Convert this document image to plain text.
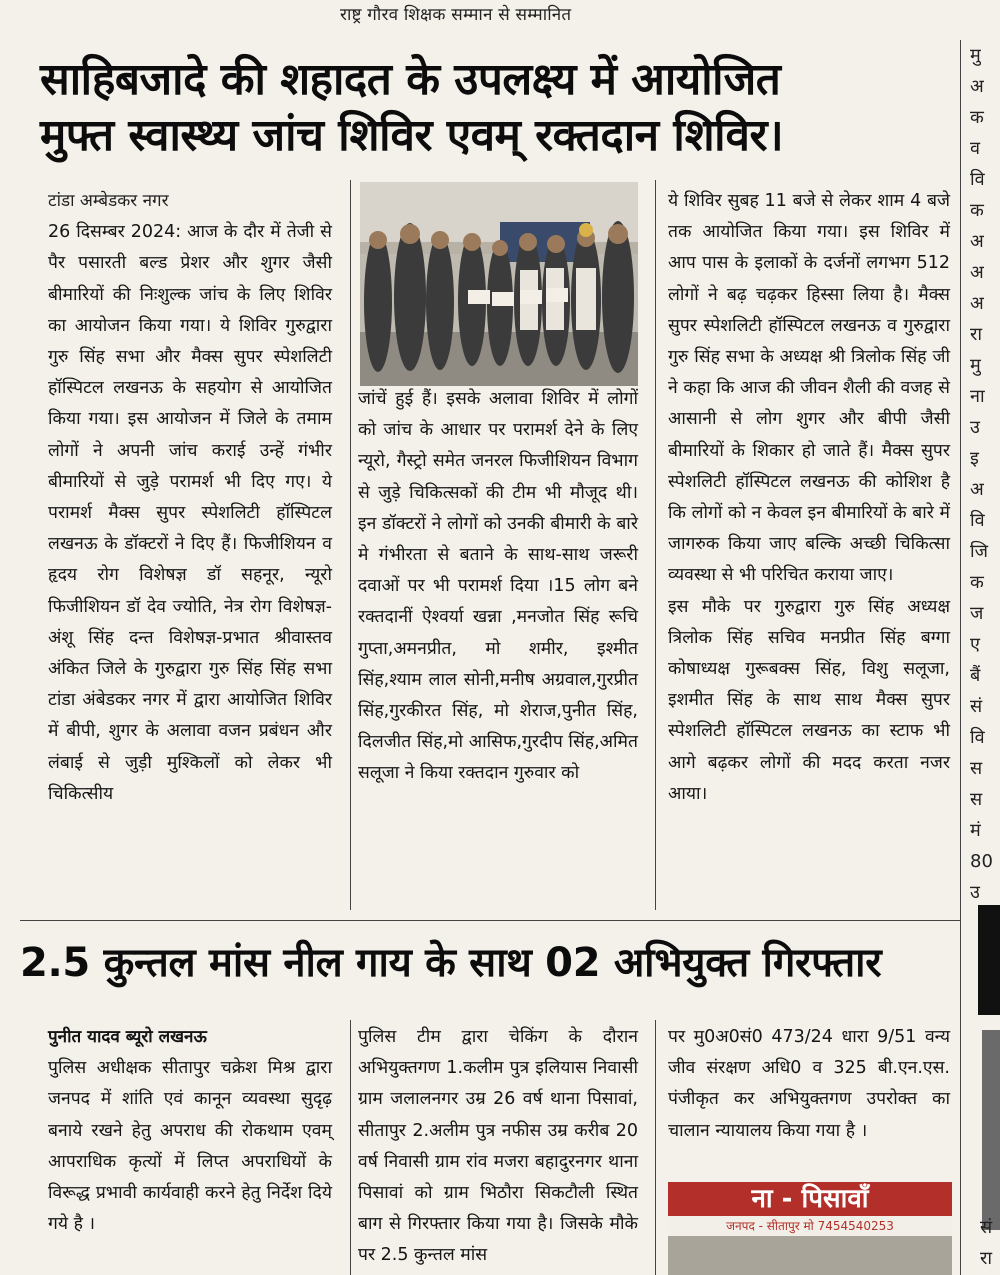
राष्ट्र गौरव शिक्षक सम्मान से सम्मानित
साहिबजादे की शहादत के उपलक्ष्य में आयोजित
मुफ्त स्वास्थ्य जांच शिविर एवम् रक्तदान शिविर।
टांडा अम्बेडकर नगर

26 दिसम्बर 2024: आज के दौर में तेजी से पैर पसारती बल्ड प्रेशर और शुगर जैसी बीमारियों की निःशुल्क जांच के लिए शिविर का आयोजन किया गया। ये शिविर गुरुद्वारा गुरु सिंह सभा और मैक्स सुपर स्पेशलिटी हॉस्पिटल लखनऊ के सहयोग से आयोजित किया गया। इस आयोजन में जिले के तमाम लोगों ने अपनी जांच कराई उन्हें गंभीर बीमारियों से जुड़े परामर्श भी दिए गए। ये परामर्श मैक्स सुपर स्पेशलिटी हॉस्पिटल लखनऊ के डॉक्टरों ने दिए हैं। फिजीशियन व हृदय रोग विशेषज्ञ डॉ सहनूर, न्यूरो फिजीशियन डॉ देव ज्योति, नेत्र रोग विशेषज्ञ-अंशू सिंह दन्त विशेषज्ञ-प्रभात श्रीवास्तव अंकित जिले के गुरुद्वारा गुरु सिंह सिंह सभा टांडा अंबेडकर नगर में द्वारा आयोजित शिविर में बीपी, शुगर के अलावा वजन प्रबंधन और लंबाई से जुड़ी मुश्किलों को लेकर भी चिकित्सीय

जांचें हुई हैं। इसके अलावा शिविर में लोगों को जांच के आधार पर परामर्श देने के लिए न्यूरो, गैस्ट्रो समेत जनरल फिजीशियन विभाग से जुड़े चिकित्सकों की टीम भी मौजूद थी। इन डॉक्टरों ने लोगों को उनकी बीमारी के बारे मे गंभीरता से बताने के साथ-साथ जरूरी दवाओं पर भी परामर्श दिया ।15 लोग बने रक्तदानीं ऐश्वर्या खन्ना ,मनजोत सिंह रूचि गुप्ता,अमनप्रीत, मो शमीर, इश्मीत सिंह,श्याम लाल सोनी,मनीष अग्रवाल,गुरप्रीत सिंह,गुरकीरत सिंह, मो शेराज,पुनीत सिंह, दिलजीत सिंह,मो आसिफ,गुरदीप सिंह,अमित सलूजा ने किया रक्तदान गुरुवार को

ये शिविर सुबह 11 बजे से लेकर शाम 4 बजे तक आयोजित किया गया। इस शिविर में आप पास के इलाकों के दर्जनों लगभग 512 लोगों ने बढ़ चढ़कर हिस्सा लिया है। मैक्स सुपर स्पेशलिटी हॉस्पिटल लखनऊ व गुरुद्वारा गुरु सिंह सभा के अध्यक्ष श्री त्रिलोक सिंह जी ने कहा कि आज की जीवन शैली की वजह से आसानी से लोग शुगर और बीपी जैसी बीमारियों के शिकार हो जाते हैं। मैक्स सुपर स्पेशलिटी हॉस्पिटल लखनऊ की कोशिश है कि लोगों को न केवल इन बीमारियों के बारे में जागरुक किया जाए बल्कि अच्छी चिकित्सा व्यवस्था से भी परिचित कराया जाए।

इस मौके पर गुरुद्वारा गुरु सिंह अध्यक्ष त्रिलोक सिंह सचिव मनप्रीत सिंह बग्गा कोषाध्यक्ष गुरूबक्स सिंह, विशु सलूजा, इशमीत सिंह के साथ साथ मैक्स सुपर स्पेशलिटी हॉस्पिटल लखनऊ का स्टाफ भी आगे बढ़कर लोगों की मदद करता नजर आया।

2.5 कुन्तल मांस नील गाय के साथ 02 अभियुक्त गिरफ्तार
पुनीत यादव ब्यूरो लखनऊ

पुलिस अधीक्षक सीतापुर चक्रेश मिश्र द्वारा जनपद में शांति एवं कानून व्यवस्था सुदृढ़ बनाये रखने हेतु अपराध की रोकथाम एवम् आपराधिक कृत्यों में लिप्त अपराधियों के विरूद्ध प्रभावी कार्यवाही करने हेतु निर्देश दिये गये है ।

पुलिस टीम द्वारा चेकिंग के दौरान अभियुक्तगण 1.कलीम पुत्र इलियास निवासी ग्राम जलालनगर उम्र 26 वर्ष थाना पिसावां, सीतापुर 2.अलीम पुत्र नफीस उम्र करीब 20 वर्ष निवासी ग्राम रांव मजरा बहादुरनगर थाना पिसावां को ग्राम भिठौरा सिकटौली स्थित बाग से गिरफ्तार किया गया है। जिसके मौके पर 2.5 कुन्तल मांस

पर मु0अ0सं0 473/24 धारा 9/51 वन्य जीव संरक्षण अधि0 व 325 बी.एन.एस. पंजीकृत कर अभियुक्तगण उपरोक्त का चालान न्यायालय किया गया है ।

ना - पिसावाँ
जनपद - सीतापुर मो 7454540253
मु
अ
क
व
वि
क
अ
अ
अ
रा
मु
ना
उ
इ
अ
वि
जि
क
ज
ए
बैं
सं
वि
स
स
मं
80
उ
सं
रा
